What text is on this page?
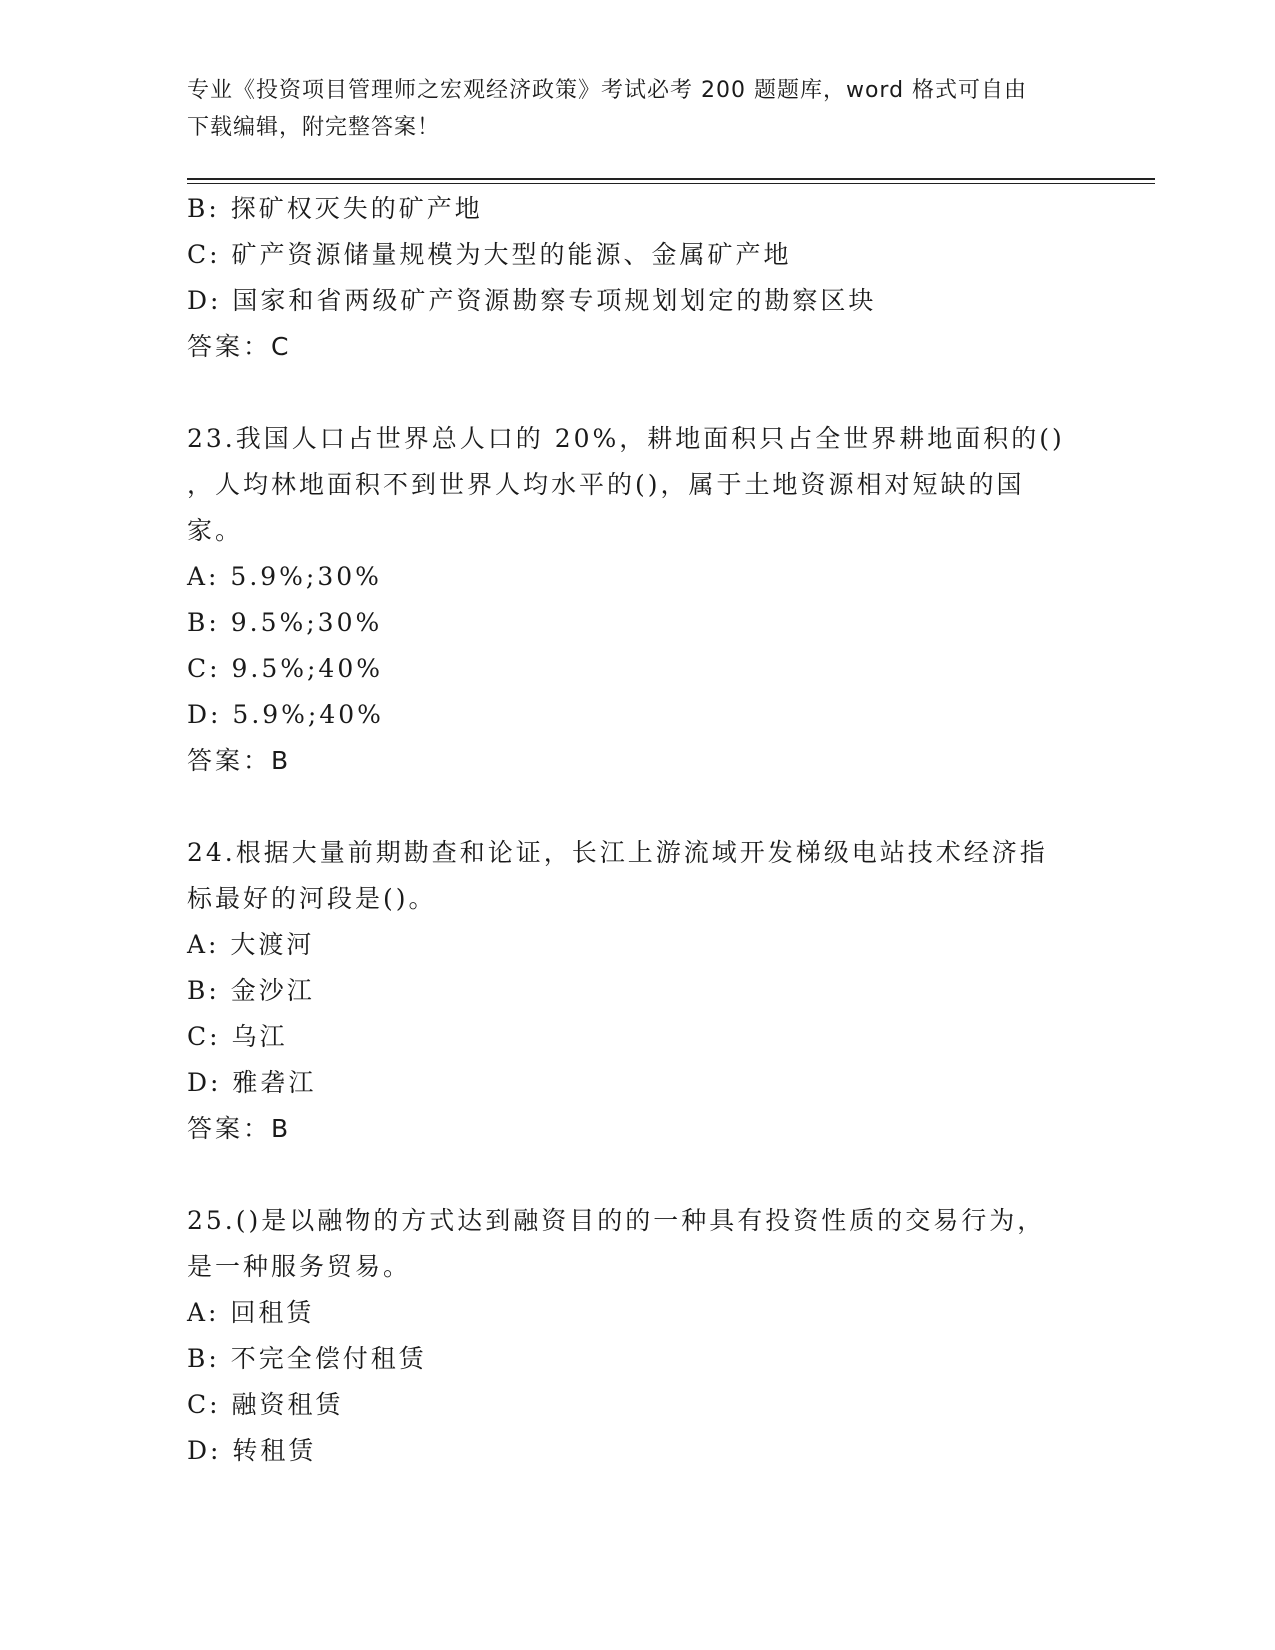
专业《投资项目管理师之宏观经济政策》考试必考 200 题题库，word 格式可自由
下载编辑，附完整答案！
B: 探矿权灭失的矿产地
C: 矿产资源储量规模为大型的能源、金属矿产地
D: 国家和省两级矿产资源勘察专项规划划定的勘察区块
答案：C
23.我国人口占世界总人口的 20%，耕地面积只占全世界耕地面积的()
，人均林地面积不到世界人均水平的()，属于土地资源相对短缺的国
家。
A: 5.9%;30%
B: 9.5%;30%
C: 9.5%;40%
D: 5.9%;40%
答案：B
24.根据大量前期勘查和论证，长江上游流域开发梯级电站技术经济指
标最好的河段是()。
A: 大渡河
B: 金沙江
C: 乌江
D: 雅砻江
答案：B
25.()是以融物的方式达到融资目的的一种具有投资性质的交易行为，
是一种服务贸易。
A: 回租赁
B: 不完全偿付租赁
C: 融资租赁
D: 转租赁
